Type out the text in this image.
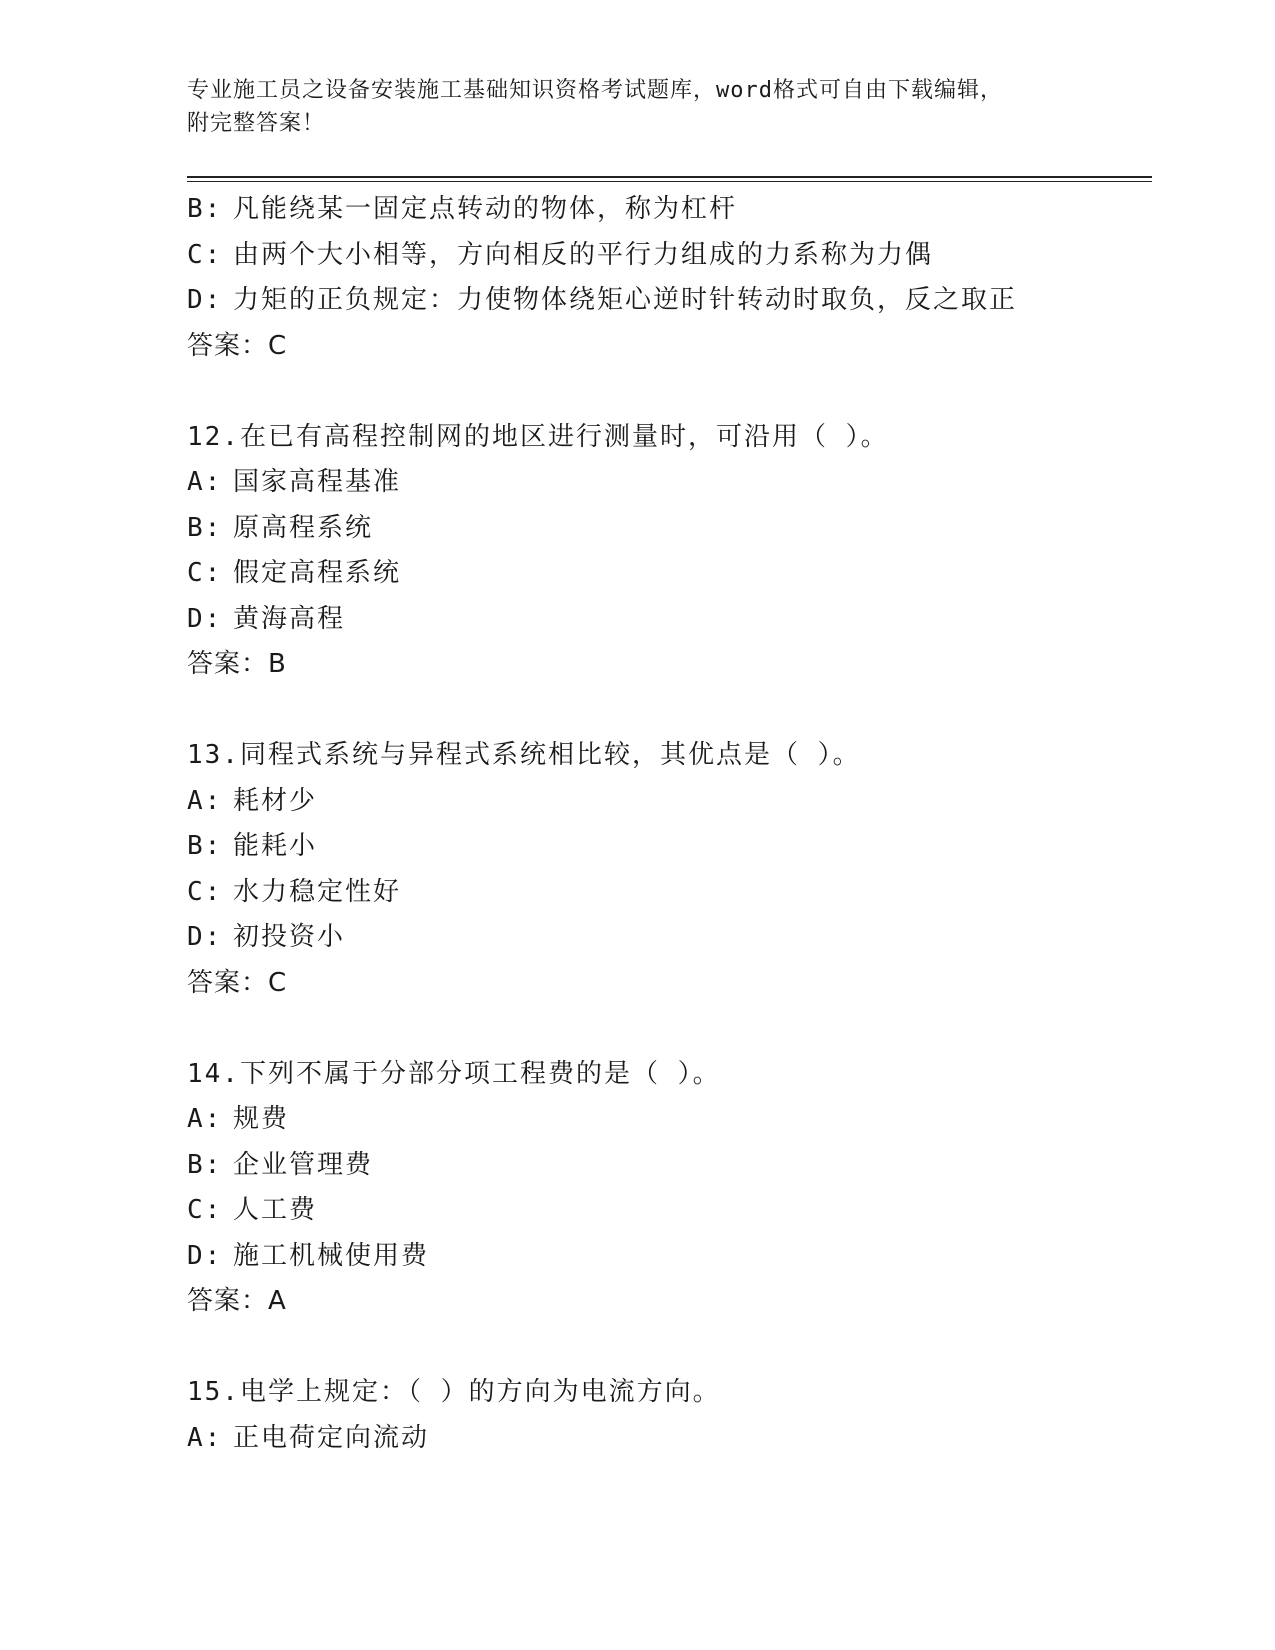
专业施工员之设备安装施工基础知识资格考试题库，word格式可自由下载编辑，
附完整答案！
B: 凡能绕某一固定点转动的物体，称为杠杆
C: 由两个大小相等，方向相反的平行力组成的力系称为力偶
D: 力矩的正负规定：力使物体绕矩心逆时针转动时取负，反之取正
答案：C
12.在已有高程控制网的地区进行测量时，可沿用（ ）。
A: 国家高程基准
B: 原高程系统
C: 假定高程系统
D: 黄海高程
答案：B
13.同程式系统与异程式系统相比较，其优点是（ ）。
A: 耗材少
B: 能耗小
C: 水力稳定性好
D: 初投资小
答案：C
14.下列不属于分部分项工程费的是（ ）。
A: 规费
B: 企业管理费
C: 人工费
D: 施工机械使用费
答案：A
15.电学上规定：（ ）的方向为电流方向。
A: 正电荷定向流动
